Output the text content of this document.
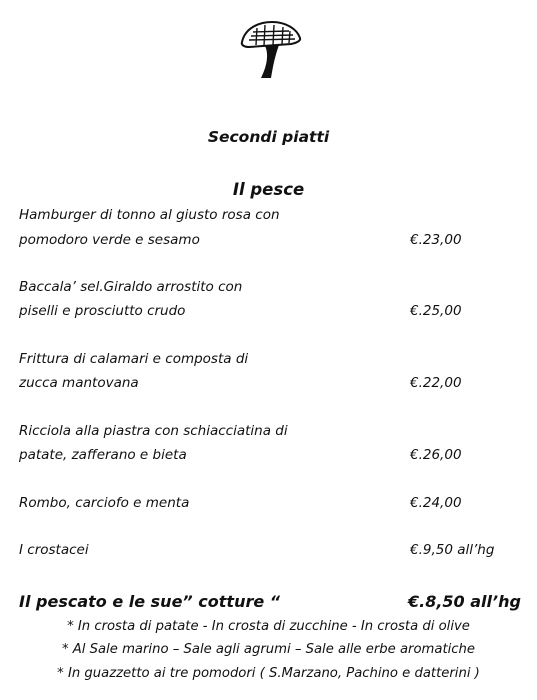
Secondi piatti
Il pesce
Hamburger di tonno al giusto rosa con
pomodoro verde e sesamo	€.23,00
Baccala’ sel.Giraldo arrostito con
piselli e prosciutto crudo	€.25,00
Frittura di calamari e composta di
zucca mantovana	€.22,00
Ricciola alla piastra con schiacciatina di
patate, zafferano e bieta	€.26,00
Rombo, carciofo e menta	€.24,00
I crostacei	€.9,50 all’hg
Il pescato e le sue” cotture “	€.8,50 all’hg
* In crosta di patate - In crosta di zucchine - In crosta di olive
* Al Sale marino – Sale agli agrumi – Sale alle erbe aromatiche
* In guazzetto ai tre pomodori ( S.Marzano, Pachino e datterini )
